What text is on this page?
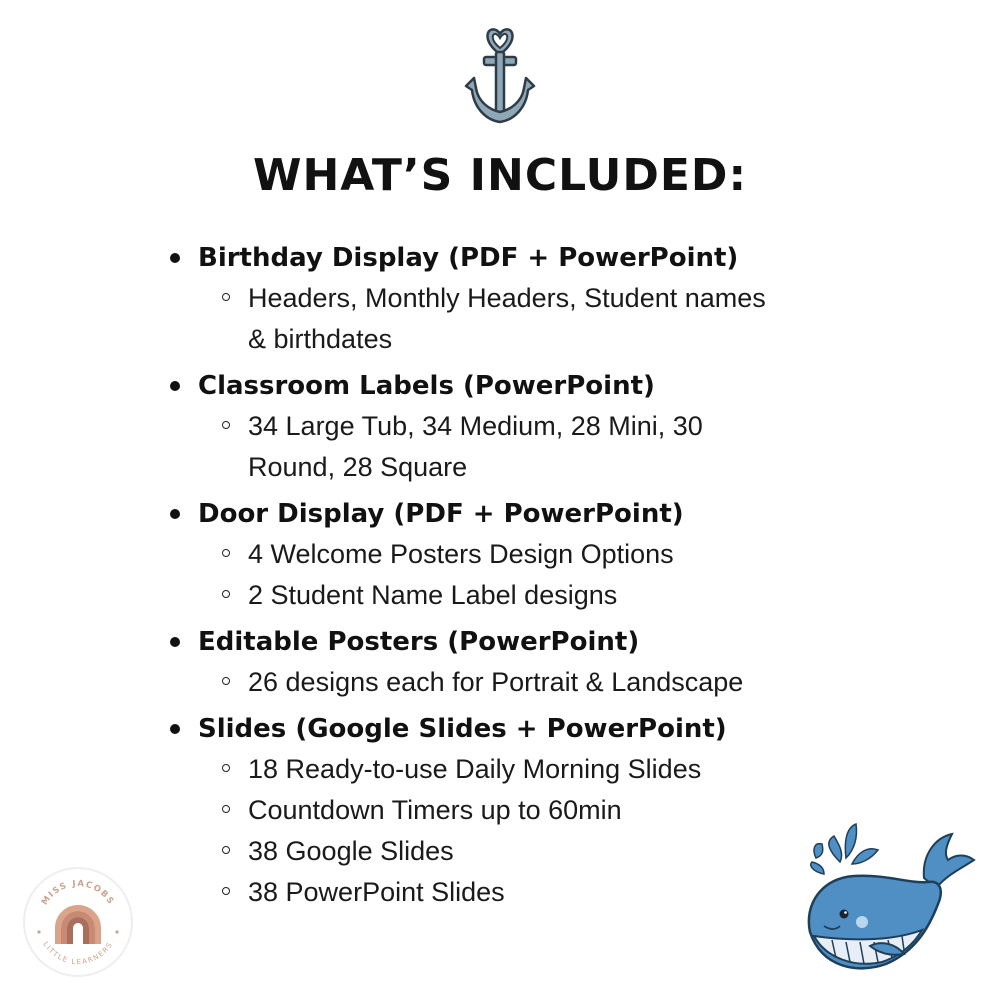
WHAT’S INCLUDED:
Birthday Display (PDF + PowerPoint)
Headers, Monthly Headers, Student names & birthdates
Classroom Labels (PowerPoint)
34 Large Tub, 34 Medium, 28 Mini, 30 Round, 28 Square
Door Display (PDF + PowerPoint)
4 Welcome Posters Design Options
2 Student Name Label designs
Editable Posters (PowerPoint)
26 designs each for Portrait & Landscape
Slides (Google Slides + PowerPoint)
18 Ready-to-use Daily Morning Slides
Countdown Timers up to 60min
38 Google Slides
38 PowerPoint Slides
MISS JACOBS
LITTLE LEARNERS
